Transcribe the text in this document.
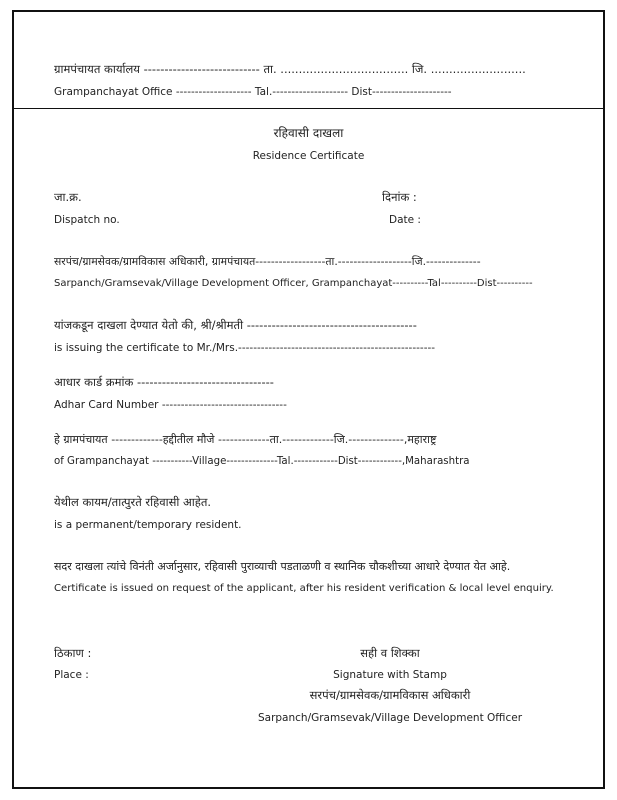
ग्रामपंचायत कार्यालय ---------------------------- ता. ................................... जि. ..........................
Grampanchayat Office -------------------- Tal.-------------------- Dist---------------------
रहिवासी दाखला
Residence Certificate
जा.क्र.
Dispatch no.
दिनांक :
Date :
सरपंच/ग्रामसेवक/ग्रामविकास अधिकारी, ग्रामपंचायत------------------ता.-------------------जि.--------------
Sarpanch/Gramsevak/Village Development Officer, Grampanchayat----------Tal----------Dist----------
यांजकडून दाखला देण्यात येतो की, श्री/श्रीमती -----------------------------------------
is issuing the certificate to Mr./Mrs.----------------------------------------------------
आधार कार्ड क्रमांक ---------------------------------
Adhar Card Number ---------------------------------
हे ग्रामपंचायत -------------हद्दीतील मौजे -------------ता.-------------जि.--------------,महाराष्ट्र
of Grampanchayat -----------Village--------------Tal.------------Dist------------,Maharashtra
येथील कायम/तात्पुरते रहिवासी आहेत.
is a permanent/temporary resident.
सदर दाखला त्यांचे विनंती अर्जानुसार, रहिवासी पुराव्याची पडताळणी व स्थानिक चौकशीच्या आधारे देण्यात येत आहे.
Certificate is issued on request of the applicant, after his resident verification & local level enquiry.
ठिकाण :
Place :
सही व शिक्का
Signature with Stamp
सरपंच/ग्रामसेवक/ग्रामविकास अधिकारी
Sarpanch/Gramsevak/Village Development Officer
